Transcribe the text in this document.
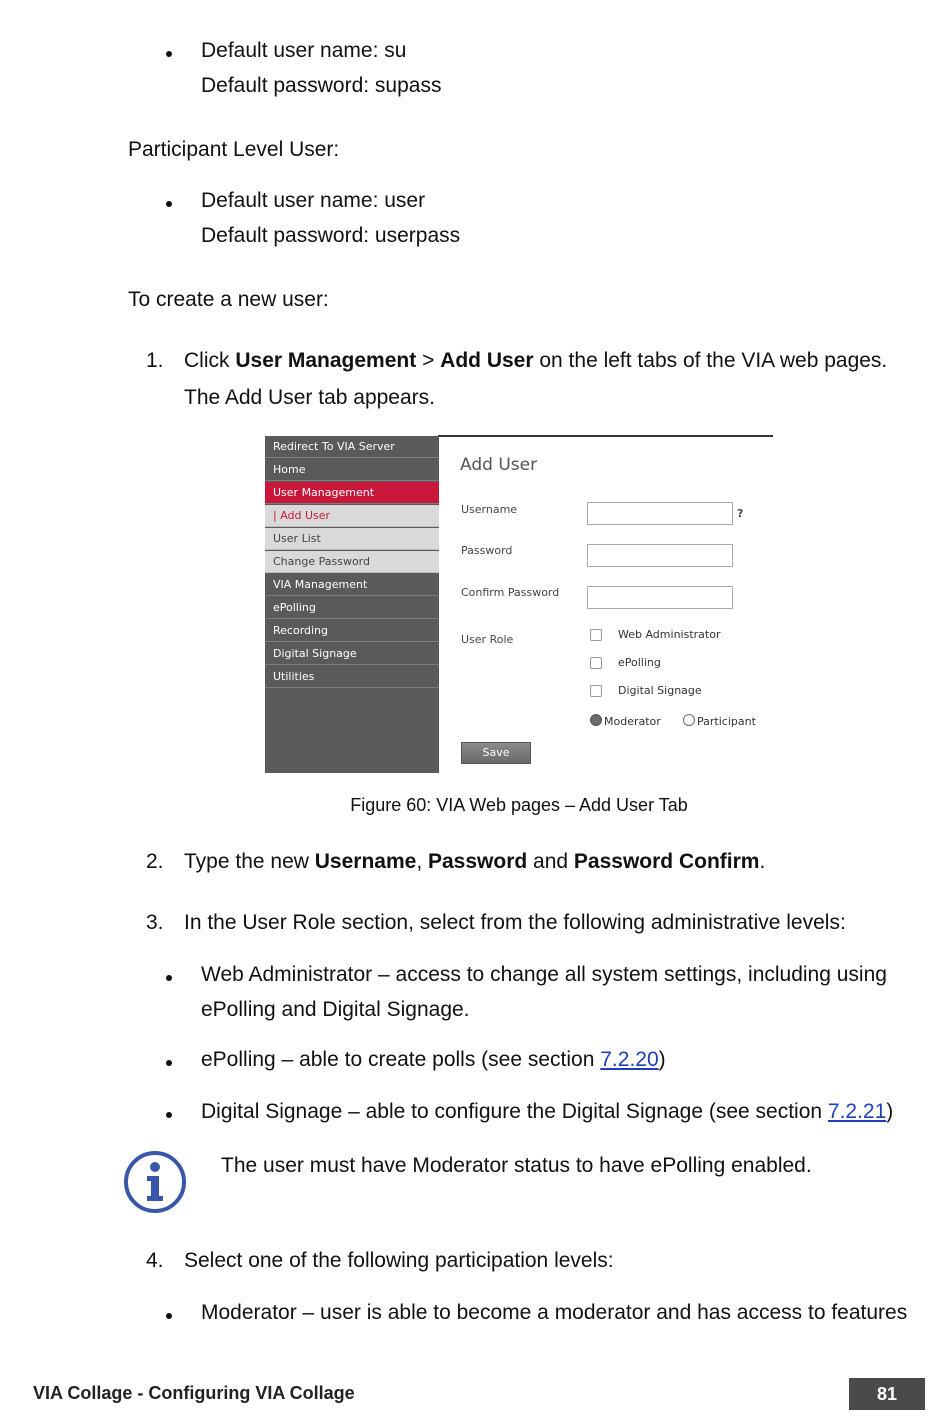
Default user name: su
Default password: supass
Participant Level User:
Default user name: user
Default password: userpass
To create a new user:
1. Click User Management > Add User on the left tabs of the VIA web pages.
The Add User tab appears.
Redirect To VIA Server
Home
User Management
| Add User
User List
Change Password
VIA Management
ePolling
Recording
Digital Signage
Utilities
Add User
Username	?
Password
Confirm Password
User Role	Web Administrator
ePolling
Digital Signage
Moderator	Participant
Save
Figure 60: VIA Web pages – Add User Tab
2. Type the new Username, Password and Password Confirm.
3. In the User Role section, select from the following administrative levels:
Web Administrator – access to change all system settings, including using
ePolling and Digital Signage.
ePolling – able to create polls (see section 7.2.20)
Digital Signage – able to configure the Digital Signage (see section 7.2.21)
The user must have Moderator status to have ePolling enabled.
4. Select one of the following participation levels:
Moderator – user is able to become a moderator and has access to features
VIA Collage - Configuring VIA Collage	81
